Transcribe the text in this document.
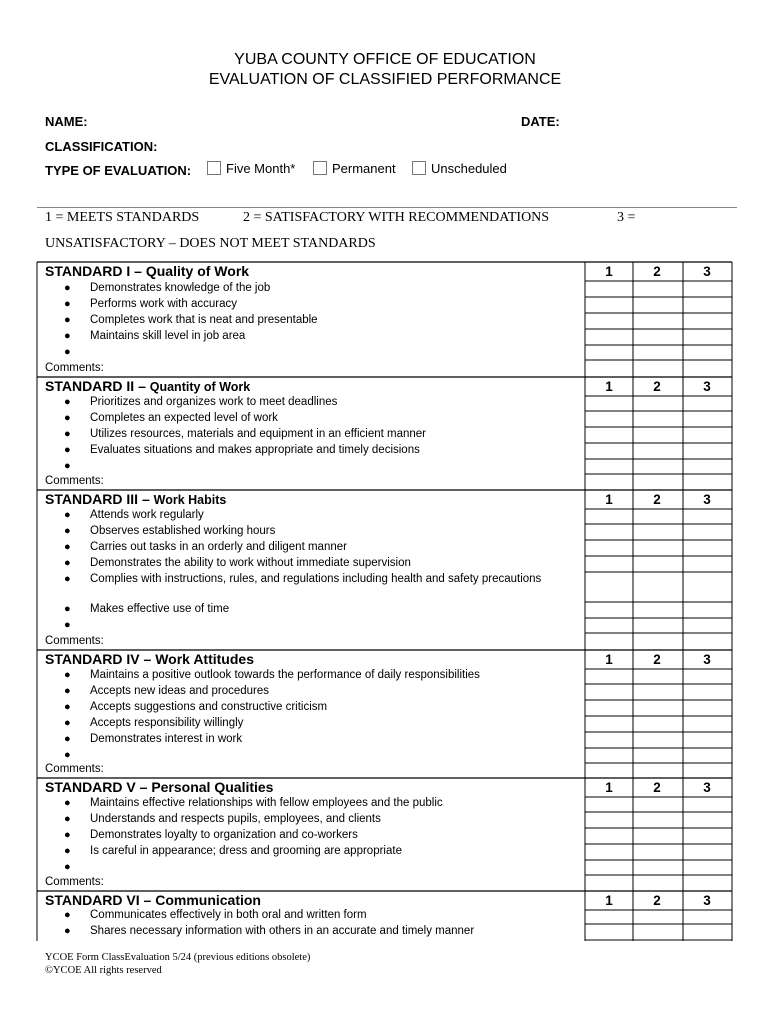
YUBA COUNTY OFFICE OF EDUCATION
EVALUATION OF CLASSIFIED PERFORMANCE
NAME:	DATE:
CLASSIFICATION:
TYPE OF EVALUATION:	Five Month*	Permanent	Unscheduled
1 = MEETS STANDARDS	2 = SATISFACTORY WITH RECOMMENDATIONS	3 =
UNSATISFACTORY – DOES NOT MEET STANDARDS
STANDARD I – Quality of Work	1	2	3
● Demonstrates knowledge of the job
● Performs work with accuracy
● Completes work that is neat and presentable
● Maintains skill level in job area
●
Comments:
STANDARD II – Quantity of Work	1	2	3
● Prioritizes and organizes work to meet deadlines
● Completes an expected level of work
● Utilizes resources, materials and equipment in an efficient manner
● Evaluates situations and makes appropriate and timely decisions
●
Comments:
STANDARD III – Work Habits	1	2	3
● Attends work regularly
● Observes established working hours
● Carries out tasks in an orderly and diligent manner
● Demonstrates the ability to work without immediate supervision
● Complies with instructions, rules, and regulations including health and safety precautions
● Makes effective use of time
●
Comments:
STANDARD IV – Work Attitudes	1	2	3
● Maintains a positive outlook towards the performance of daily responsibilities
● Accepts new ideas and procedures
● Accepts suggestions and constructive criticism
● Accepts responsibility willingly
● Demonstrates interest in work
●
Comments:
STANDARD V – Personal Qualities	1	2	3
● Maintains effective relationships with fellow employees and the public
● Understands and respects pupils, employees, and clients
● Demonstrates loyalty to organization and co-workers
● Is careful in appearance; dress and grooming are appropriate
●
Comments:
STANDARD VI – Communication	1	2	3
● Communicates effectively in both oral and written form
● Shares necessary information with others in an accurate and timely manner
YCOE Form ClassEvaluation 5/24 (previous editions obsolete)
©YCOE All rights reserved
